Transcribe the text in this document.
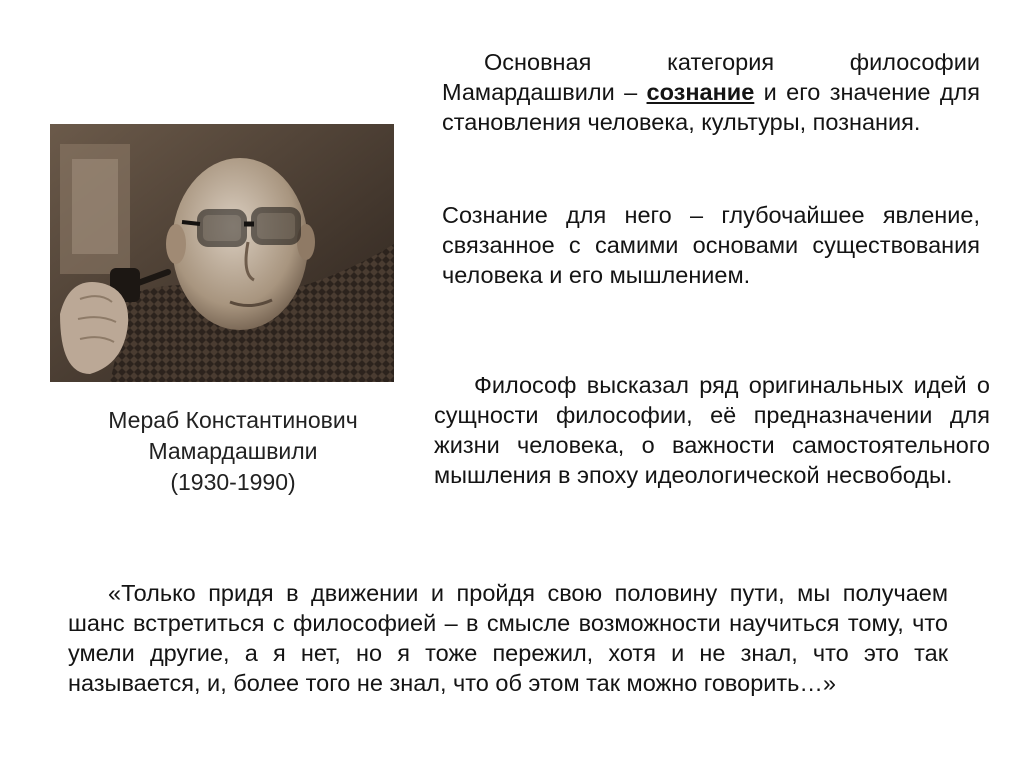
Мераб Константинович
Мамардашвили
(1930-1990)
Основная категория философии Мамардашвили – сознание и его значение для становления человека, культуры, познания.
Сознание для него – глубочайшее явление, связанное с самими основами существования человека и его мышлением.
Философ высказал ряд оригинальных идей о сущности философии, её предназначении для жизни человека, о важности самостоятельного мышления в эпоху идеологической несвободы.
«Только придя в движении и пройдя свою половину пути, мы получаем шанс встретиться с философией – в смысле возможности научиться тому, что умели другие, а я нет, но я тоже пережил, хотя и не знал, что это так называется, и, более того не знал, что об этом так можно говорить…»
